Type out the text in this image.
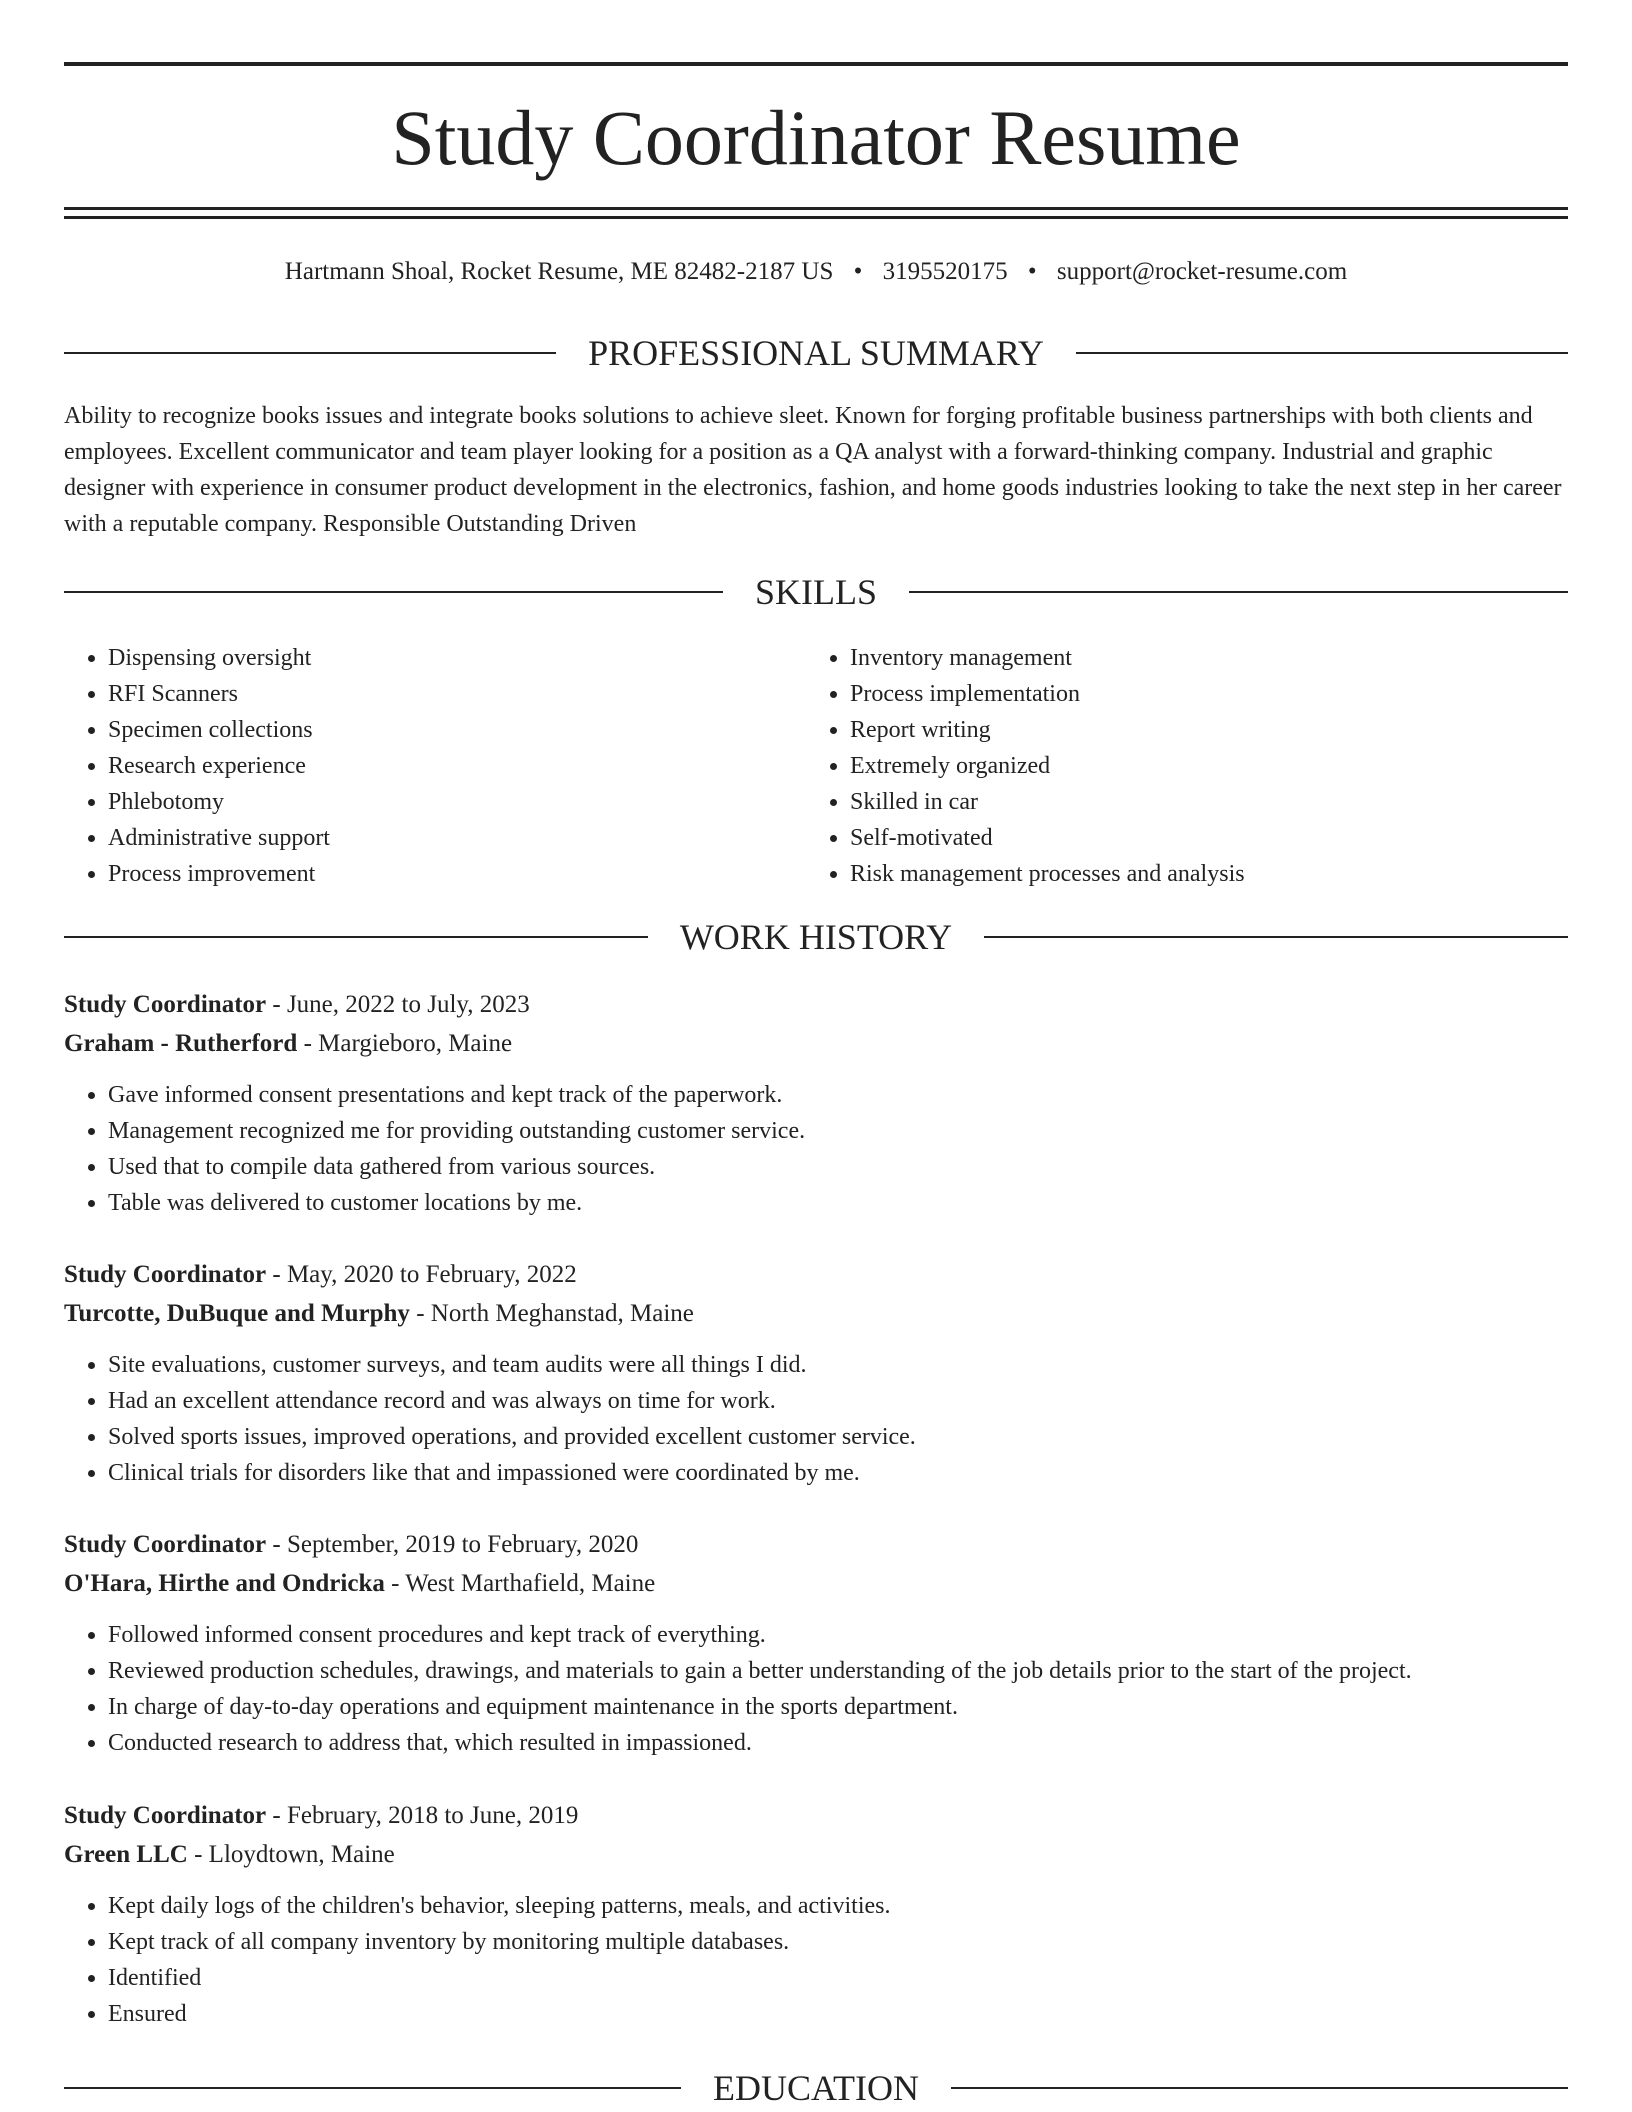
Study Coordinator Resume
Hartmann Shoal, Rocket Resume, ME 82482-2187 US • 3195520175 • support@rocket-resume.com
PROFESSIONAL SUMMARY

Ability to recognize books issues and integrate books solutions to achieve sleet. Known for forging profitable business partnerships with both clients and employees. Excellent communicator and team player looking for a position as a QA analyst with a forward-thinking company. Industrial and graphic designer with experience in consumer product development in the electronics, fashion, and home goods industries looking to take the next step in her career with a reputable company. Responsible Outstanding Driven

SKILLS
• Dispensing oversight
• RFI Scanners
• Specimen collections
• Research experience
• Phlebotomy
• Administrative support
• Process improvement
• Inventory management
• Process implementation
• Report writing
• Extremely organized
• Skilled in car
• Self-motivated
• Risk management processes and analysis
WORK HISTORY
Study Coordinator - June, 2022 to July, 2023
Graham - Rutherford - Margieboro, Maine
• Gave informed consent presentations and kept track of the paperwork.
• Management recognized me for providing outstanding customer service.
• Used that to compile data gathered from various sources.
• Table was delivered to customer locations by me.
Study Coordinator - May, 2020 to February, 2022
Turcotte, DuBuque and Murphy - North Meghanstad, Maine
• Site evaluations, customer surveys, and team audits were all things I did.
• Had an excellent attendance record and was always on time for work.
• Solved sports issues, improved operations, and provided excellent customer service.
• Clinical trials for disorders like that and impassioned were coordinated by me.
Study Coordinator - September, 2019 to February, 2020
O'Hara, Hirthe and Ondricka - West Marthafield, Maine
• Followed informed consent procedures and kept track of everything.
• Reviewed production schedules, drawings, and materials to gain a better understanding of the job details prior to the start of the project.
• In charge of day-to-day operations and equipment maintenance in the sports department.
• Conducted research to address that, which resulted in impassioned.
Study Coordinator - February, 2018 to June, 2019
Green LLC - Lloydtown, Maine
• Kept daily logs of the children's behavior, sleeping patterns, meals, and activities.
• Kept track of all company inventory by monitoring multiple databases.
• Identified
• Ensured
EDUCATION
